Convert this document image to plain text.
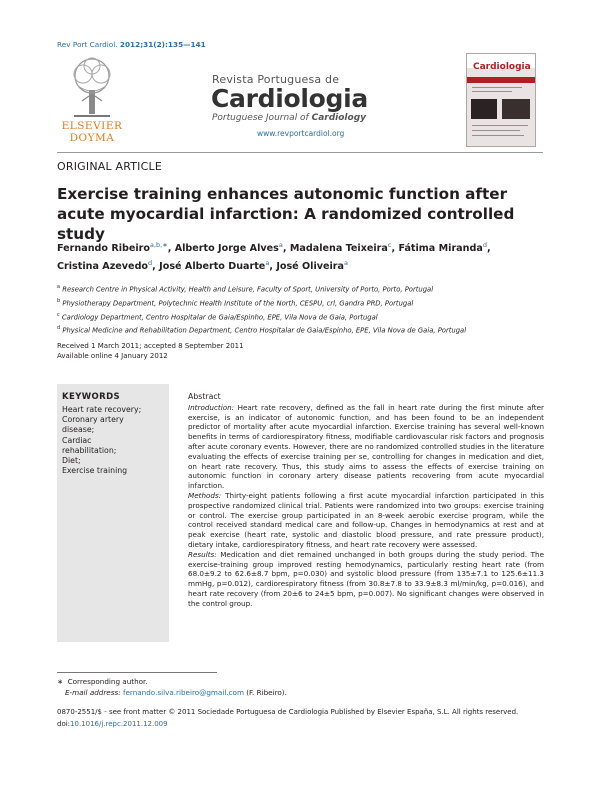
Rev Port Cardiol. 2012;31(2):135—141
ELSEVIER
DOYMA
Revista Portuguesa de
Cardiologia
Portuguese Journal of Cardiology
www.revportcardiol.org
Cardiologia
ORIGINAL ARTICLE
Exercise training enhances autonomic function after acute myocardial infarction: A randomized controlled study
Fernando Ribeiro$^{a,b,∗}$, Alberto Jorge Alves$^a$, Madalena Teixeira$^c$, Fátima Miranda$^d$,
Cristina Azevedo$^d$, José Alberto Duarte$^a$, José Oliveira$^a$
$^a$ Research Centre in Physical Activity, Health and Leisure, Faculty of Sport, University of Porto, Porto, Portugal
$^b$ Physiotherapy Department, Polytechnic Health Institute of the North, CESPU, crl, Gandra PRD, Portugal
$^c$ Cardiology Department, Centro Hospitalar de Gaia/Espinho, EPE, Vila Nova de Gaia, Portugal
$^d$ Physical Medicine and Rehabilitation Department, Centro Hospitalar de Gaia/Espinho, EPE, Vila Nova de Gaia, Portugal
Received 1 March 2011; accepted 8 September 2011
Available online 4 January 2012
KEYWORDS
Heart rate recovery;
Coronary artery
disease;
Cardiac
rehabilitation;
Diet;
Exercise training
Abstract

Introduction: Heart rate recovery, defined as the fall in heart rate during the first minute after exercise, is an indicator of autonomic function, and has been found to be an independent predictor of mortality after acute myocardial infarction. Exercise training has several well-known benefits in terms of cardiorespiratory fitness, modifiable cardiovascular risk factors and prognosis after acute coronary events. However, there are no randomized controlled studies in the literature evaluating the effects of exercise training per se, controlling for changes in medication and diet, on heart rate recovery. Thus, this study aims to assess the effects of exercise training on autonomic function in coronary artery disease patients recovering from acute myocardial infarction.

Methods: Thirty-eight patients following a first acute myocardial infarction participated in this prospective randomized clinical trial. Patients were randomized into two groups: exercise training or control. The exercise group participated in an 8-week aerobic exercise program, while the control received standard medical care and follow-up. Changes in hemodynamics at rest and at peak exercise (heart rate, systolic and diastolic blood pressure, and rate pressure product), dietary intake, cardiorespiratory fitness, and heart rate recovery were assessed.

Results: Medication and diet remained unchanged in both groups during the study period. The exercise-training group improved resting hemodynamics, particularly resting heart rate (from 68.0±9.2 to 62.6±8.7 bpm, p=0.030) and systolic blood pressure (from 135±7.1 to 125.6±11.3 mmHg, p=0.012), cardiorespiratory fitness (from 30.8±7.8 to 33.9±8.3 ml/min/kg, p=0.016), and heart rate recovery (from 20±6 to 24±5 bpm, p=0.007). No significant changes were observed in the control group.

∗ Corresponding author.
E-mail address: fernando.silva.ribeiro@gmail.com (F. Ribeiro).
0870-2551/$ - see front matter © 2011 Sociedade Portuguesa de Cardiologia Published by Elsevier España, S.L. All rights reserved.
doi:10.1016/j.repc.2011.12.009
